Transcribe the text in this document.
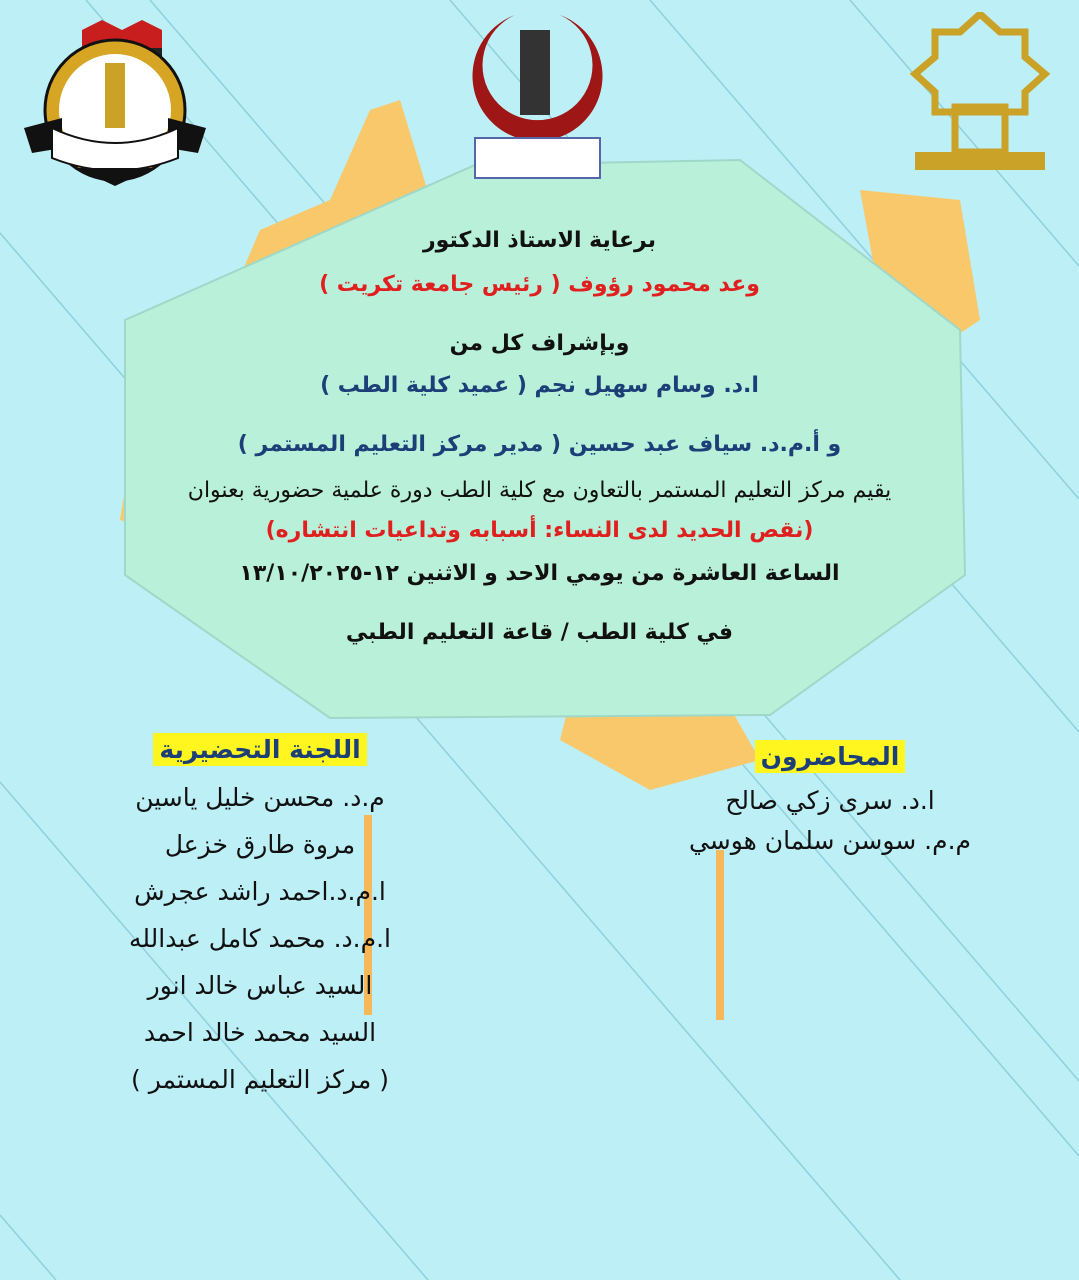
برعاية الاستاذ الدكتور
وعد محمود رؤوف ( رئيس جامعة تكريت )
وبإشراف كل من
ا.د. وسام سهيل نجم ( عميد كلية الطب )
و أ.م.د. سياف عبد حسين ( مدير مركز التعليم المستمر )
يقيم مركز التعليم المستمر بالتعاون مع كلية الطب دورة علمية حضورية بعنوان
(نقص الحديد لدى النساء: أسبابه وتداعيات انتشاره)
الساعة العاشرة من يومي الاحد و الاثنين ١٢-١٣/١٠/٢٠٢٥
في كلية الطب / قاعة التعليم الطبي
اللجنة التحضيرية
م.د. محسن خليل ياسين
مروة طارق خزعل
ا.م.د.احمد راشد عجرش
ا.م.د. محمد كامل عبدالله
السيد عباس خالد انور
السيد محمد خالد احمد
( مركز التعليم المستمر )
المحاضرون
ا.د. سرى زكي صالح
م.م. سوسن سلمان هوسي
